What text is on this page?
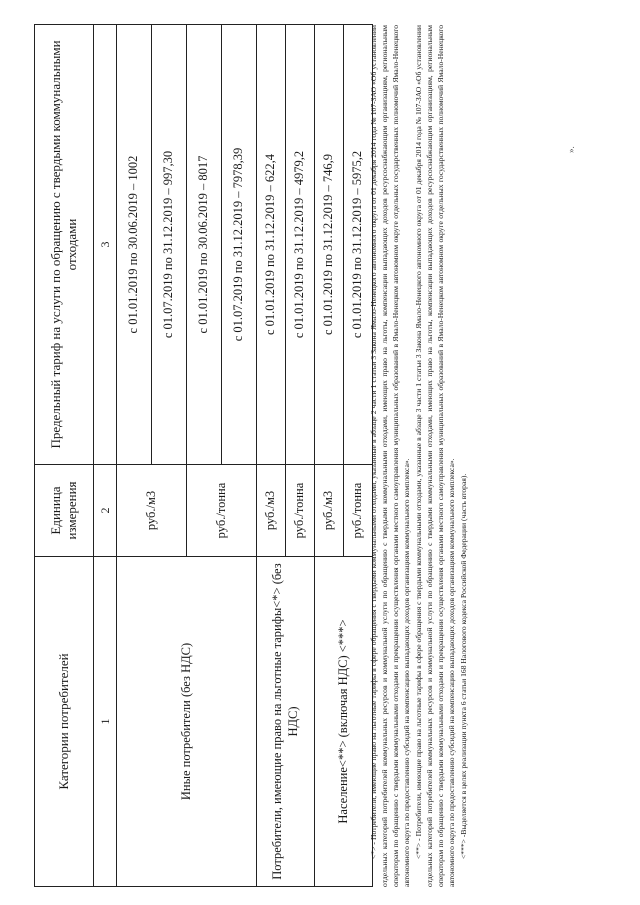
Категории потребителей	Единица измерения	Предельный тариф на услуги по обращению с твердыми коммунальными отходами
1	2	3
Иные потребители (без НДС)	руб./м3	с 01.01.2019 по 30.06.2019 – 1002
		с 01.07.2019 по 31.12.2019 – 997,30
	руб./тонна	с 01.01.2019 по 30.06.2019 – 8017
		с 01.07.2019 по 31.12.2019 – 7978,39
Потребители, имеющие право на льготные тарифы<*> (без НДС)	руб./м3	с 01.01.2019 по 31.12.2019 – 622,4
	руб./тонна	с 01.01.2019 по 31.12.2019 – 4979,2
Население<**> (включая НДС) <***>	руб./м3	с 01.01.2019 по 31.12.2019 – 746,9
	руб./тонна	с 01.01.2019 по 31.12.2019 – 5975,2 <*> - Потребители, имеющие право на льготные тарифы в сфере обращения с твердыми коммунальными отходами, указанные в абзаце 2 части 1 статьи 3 Закона Ямало-Ненецкого автономного округа от 01 декабря 2014 года № 107-ЗАО «Об установлении отдельных категорий потребителей коммунальных ресурсов и коммунальной услуги по обращению с твердыми коммунальными отходами, имеющих право на льготы, компенсации выпадающих доходов ресурсоснабжающим организациям, региональным операторам по обращению с твердыми коммунальными отходами и прекращении осуществления органами местного самоуправления муниципальных образований в Ямало-Ненецком автономном округе отдельных государственных полномочий Ямало-Ненецкого автономного округа по предоставлению субсидий на компенсацию выпадающих доходов организациям коммунального комплекса». <**> - Потребители, имеющие право на льготные тарифы в сфере обращения с твердыми коммунальными отходами, указанные в абзаце 3 части 1 статьи 3 Закона Ямало-Ненецкого автономного округа от 01 декабря 2014 года № 107-ЗАО «Об установлении отдельных категорий потребителей коммунальных ресурсов и коммунальной услуги по обращению с твердыми коммунальными отходами, имеющих право на льготы, компенсации выпадающих доходов ресурсоснабжающим организациям, региональным операторам по обращению с твердыми коммунальными отходами и прекращении осуществления органами местного самоуправления муниципальных образований в Ямало-Ненецком автономном округе отдельных государственных полномочий Ямало-Ненецкого автономного округа по предоставлению субсидий на компенсацию выпадающих доходов организациям коммунального комплекса». <***> -Выделяется в целях реализации пункта 6 статьи 168 Налогового кодекса Российской Федерации (часть вторая).

».
